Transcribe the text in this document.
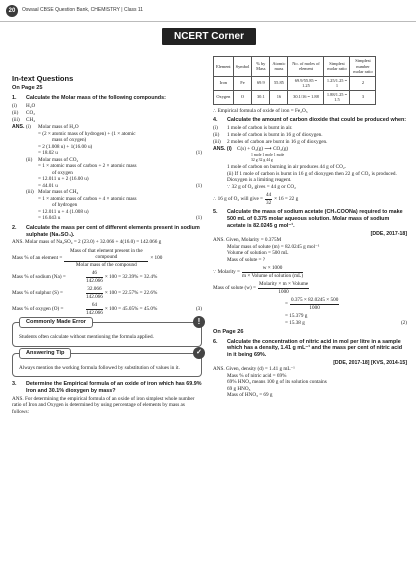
20	Oswaal CBSE Question Bank, CHEMISTRY | Class 11
NCERT Corner
In-text Questions
On Page 25
1.	Calculate the Molar mass of the following compounds:
(i)	H₂O
(ii)	CO₂
(iii)	CH₄
ANS. (i)	Molar mass of H₂O
= (2 × atomic mass of hydrogen) + (1 × atomic
mass of oxygen)
= 2 (1.008 u) + 1(16.00 u)
= 18.02 u	(1)
(ii)	Molar mass of CO₂
= 1 × atomic mass of carbon + 2 × atomic mass
of oxygen
= 12.011 u + 2 (16.00 u)
= 44.01 u	(1)
(iii) Molar mass of CH₄
= 1 × atomic mass of carbon + 4 × atomic mass
of hydrogen
= 12.011 u + 4 (1.008 u)
= 16.043 u	(1)
2.	Calculate the mass per cent of different elements present in sodium sulphate (Na₂SO₄).
ANS. Molar mass of Na₂SO₄ = 2 (23.0) + 32.066 + 4(16.0) = 142.066 g
Mass % of an element = $\frac{\text{Mass of that element present in the compound}}{\text{Molar mass of the compound}} \times 100$
Mass % of sodium (Na) =	$\frac{46}{142.066} \times 100 = 32.39\% = 32.4\%$
Mass % of sulphur (S) =	$\frac{32.066}{142.066} \times 100 = 22.57\% = 22.6\%$
Mass % of oxygen (O) =	$\frac{64}{142.066} \times 100 = 45.05\% = 45.0\%$	(3)
Commonly Made Error	!
Students often calculate without mentioning the formula applied.
Answering Tip	✓
Always mention the working formula followed by substitution of values in it.
3.	Determine the Empirical formula of an oxide of iron which has 69.9% Iron and 30.1% dioxygen by mass?
ANS. For determining the empirical formula of an oxide of iron simplest whole number ratio of Iron and Oxygen is determined by using percentage of elements by mass as follows:
Element	Symbol	% by Mass	Atomic mass	No. of moles of element	Simplest molar ratio	Simplest number molar ratio
Iron	Fe	69.9	55.85	69.9/55.85 = 1.25	1.25/1.25 = 1	2
Oxygen	O	30.1	16	30.1/16 = 1.88	1.88/1.25 = 1.5	3
∴ Empirical formula of oxide of iron = Fe₂O₃
4.	Calculate the amount of carbon dioxide that could be produced when:
(i)	1 mole of carbon is burnt in air.
(ii)	1 mole of carbon is burnt in 16 g of dioxygen.
(iii)	2 moles of carbon are burnt in 16 g of dioxygen.
ANS. (i)	C(s) + O₂(g) ⟶ CO₂(g)
1 mole 1 mole 1 mole
32 g 32 g 44 g
1 mole of carbon on burning in air produces 44 g of CO₂.
(ii) If 1 mole of carbon is burnt in 16 g of dioxygen then 22 g of CO₂ is produced.
Dioxygen is a limiting reagent.
∵ 32 g of O₂ gives = 44 g or CO₂
∴ 16 g of O₂ will give = $\frac{44}{32} \times 16 = 22$ g
5.	Calculate the mass of sodium acetate (CH₃COONa) required to make 500 mL of 0.375 molar aqueous solution. Molar mass of sodium acetate is 82.0245 g mol⁻¹.
[DDE, 2017-18]
ANS. Given, Molarity = 0.375M
Molar mass of solute (m) = 82.0245 g mol⁻¹
Volume of solution = 500 mL
Mass of solute = ?
∵ Molarity = $\frac{w \times 1000}{\text{m × Volume of solution (mL)}}$
Mass of solute $(w) = \frac{\text{Molarity × m × Volume}}{1000}$
= $\frac{0.375 \times 82.0245 \times 500}{1000}$
= 15.379 g
= 15.38 g	(2)
On Page 26
6.	Calculate the concentration of nitric acid in mol per litre in a sample which has a density, 1.41 g mL⁻¹ and the mass per cent of nitric acid in it being 69%.
[DDE, 2017-18] [KVS, 2014-15]
ANS. Given, density (d) = 1.41 g mL⁻¹
Mass % of nitric acid = 69%
69% HNO₃ means 100 g of its solution contains
69 g HNO₃
Mass of HNO₃ = 69 g
